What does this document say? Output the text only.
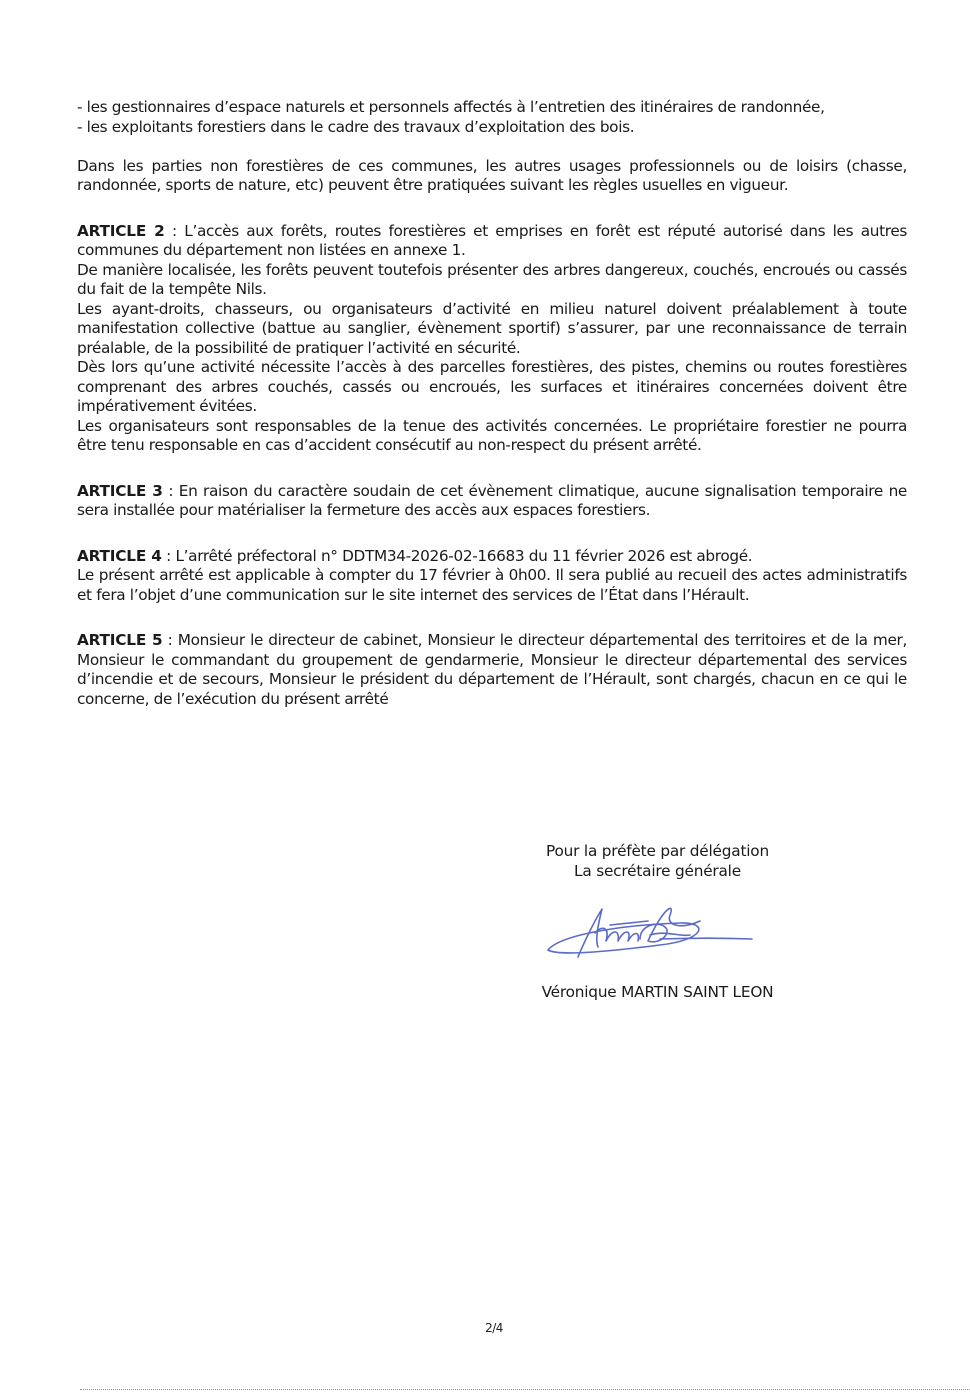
- les gestionnaires d’espace naturels et personnels affectés à l’entretien des itinéraires de randonnée,

- les exploitants forestiers dans le cadre des travaux d’exploitation des bois.

Dans les parties non forestières de ces communes, les autres usages professionnels ou de loisirs (chasse, randonnée, sports de nature, etc) peuvent être pratiquées suivant les règles usuelles en vigueur.

ARTICLE 2 : L’accès aux forêts, routes forestières et emprises en forêt est réputé autorisé dans les autres communes du département non listées en annexe 1.

De manière localisée, les forêts peuvent toutefois présenter des arbres dangereux, couchés, encroués ou cassés du fait de la tempête Nils.

Les ayant-droits, chasseurs, ou organisateurs d’activité en milieu naturel doivent préalablement à toute manifestation collective (battue au sanglier, évènement sportif) s’assurer, par une reconnaissance de terrain préalable, de la possibilité de pratiquer l’activité en sécurité.

Dès lors qu’une activité nécessite l’accès à des parcelles forestières, des pistes, chemins ou routes forestières comprenant des arbres couchés, cassés ou encroués, les surfaces et itinéraires concernées doivent être impérativement évitées.

Les organisateurs sont responsables de la tenue des activités concernées. Le propriétaire forestier ne pourra être tenu responsable en cas d’accident consécutif au non-respect du présent arrêté.

ARTICLE 3 : En raison du caractère soudain de cet évènement climatique, aucune signalisation temporaire ne sera installée pour matérialiser la fermeture des accès aux espaces forestiers.

ARTICLE 4 : L’arrêté préfectoral n° DDTM34-2026-02-16683 du 11 février 2026 est abrogé.

Le présent arrêté est applicable à compter du 17 février à 0h00. Il sera publié au recueil des actes administratifs et fera l’objet d’une communication sur le site internet des services de l’État dans l’Hérault.

ARTICLE 5 : Monsieur le directeur de cabinet, Monsieur le directeur départemental des territoires et de la mer, Monsieur le commandant du groupement de gendarmerie, Monsieur le directeur départemental des services d’incendie et de secours, Monsieur le président du département de l’Hérault, sont chargés, chacun en ce qui le concerne, de l’exécution du présent arrêté

Pour la préfète par délégation
La secrétaire générale
Véronique MARTIN SAINT LEON
2/4
